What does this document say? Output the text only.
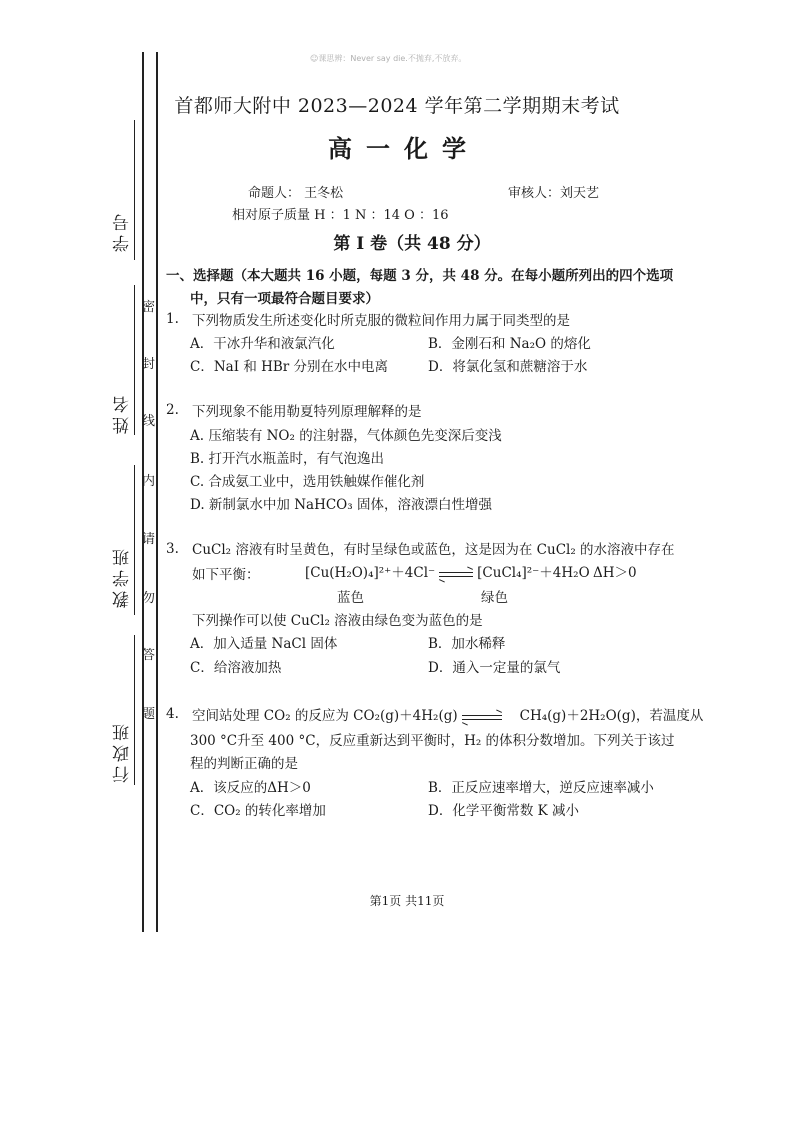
☺课思辨：Never say die.不抛弃,不放弃。
学号
姓名
教学班
行政班
密
封
线
内
请
勿
答
题
首都师大附中 2023—2024 学年第二学期期末考试
高一化学
命题人： 王冬松	审核人：刘天艺
相对原子质量 H ：1 N ：14 O ：16
第 I 卷（共 48 分）
一、选择题（本大题共 16 小题，每题 3 分，共 48 分。在每小题所列出的四个选项
中，只有一项最符合题目要求）
1. 下列物质发生所述变化时所克服的微粒间作用力属于同类型的是
A．干冰升华和液氯汽化	B．金刚石和 Na₂O 的熔化
C．NaI 和 HBr 分别在水中电离	D．将氯化氢和蔗糖溶于水
2. 下列现象不能用勒夏特列原理解释的是
A. 压缩装有 NO₂ 的注射器，气体颜色先变深后变浅
B. 打开汽水瓶盖时，有气泡逸出
C. 合成氨工业中，选用铁触媒作催化剂
D. 新制氯水中加 NaHCO₃ 固体，溶液漂白性增强
3. CuCl₂ 溶液有时呈黄色，有时呈绿色或蓝色，这是因为在 CuCl₂ 的水溶液中存在
如下平衡：	[Cu(H₂O)₄]²⁺＋4Cl⁻ → [CuCl₄]²⁻＋4H₂O ΔH＞0
蓝色	绿色
下列操作可以使 CuCl₂ 溶液由绿色变为蓝色的是
A．加入适量 NaCl 固体	B．加水稀释
C．给溶液加热	D．通入一定量的氯气
4. 空间站处理 CO₂ 的反应为 CO₂(g)＋4H₂(g) → CH₄(g)＋2H₂O(g)，若温度从
300 °C升至 400 °C，反应重新达到平衡时，H₂ 的体积分数增加。下列关于该过
程的判断正确的是
A．该反应的ΔH＞0	B．正反应速率增大，逆反应速率减小
C．CO₂ 的转化率增加	D．化学平衡常数 K 减小
第1页 共11页
